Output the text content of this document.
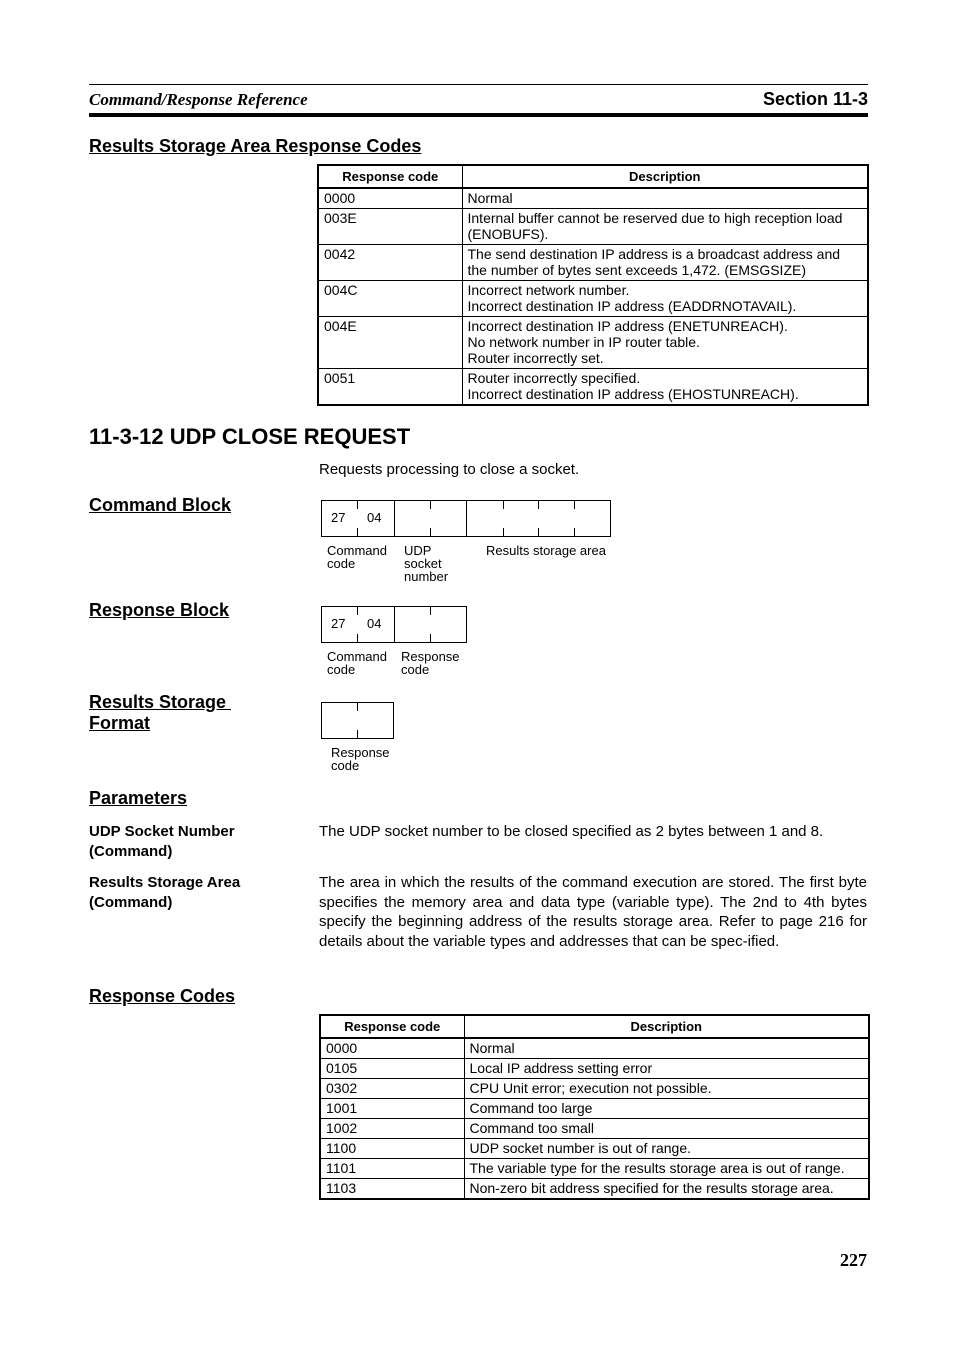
Command/Response Reference	Section 11-3
Results Storage Area Response Codes
Response code	Description
0000	Normal

003E	Internal buffer cannot be reserved due to high reception load
(ENOBUFS).

0042	The send destination IP address is a broadcast address and
the number of bytes sent exceeds 1,472. (EMSGSIZE)

004C	Incorrect network number.
Incorrect destination IP address (EADDRNOTAVAIL).

004E	Incorrect destination IP address (ENETUNREACH).
No network number in IP router table.
Router incorrectly set.

0051	Router incorrectly specified.
Incorrect destination IP address (EHOSTUNREACH).
11-3-12 UDP CLOSE REQUEST
Requests processing to close a socket.
Command Block
27 04
Command
code
UDP
socket
number
Results storage area
Response Block
27 04
Command
code
Response
code
Results Storage
Format
Response
code
Parameters
UDP Socket Number
(Command)
The UDP socket number to be closed specified as 2 bytes between 1 and 8.
Results Storage Area
(Command)
The area in which the results of the command execution are stored. The first byte specifies the memory area and data type (variable type). The 2nd to 4th bytes specify the beginning address of the results storage area. Refer to page 216 for details about the variable types and addresses that can be spec-ified.
Response Codes
Response code	Description
0000	Normal
0105	Local IP address setting error
0302	CPU Unit error; execution not possible.
1001	Command too large
1002	Command too small
1100	UDP socket number is out of range.
1101	The variable type for the results storage area is out of range.
1103	Non-zero bit address specified for the results storage area.
227
